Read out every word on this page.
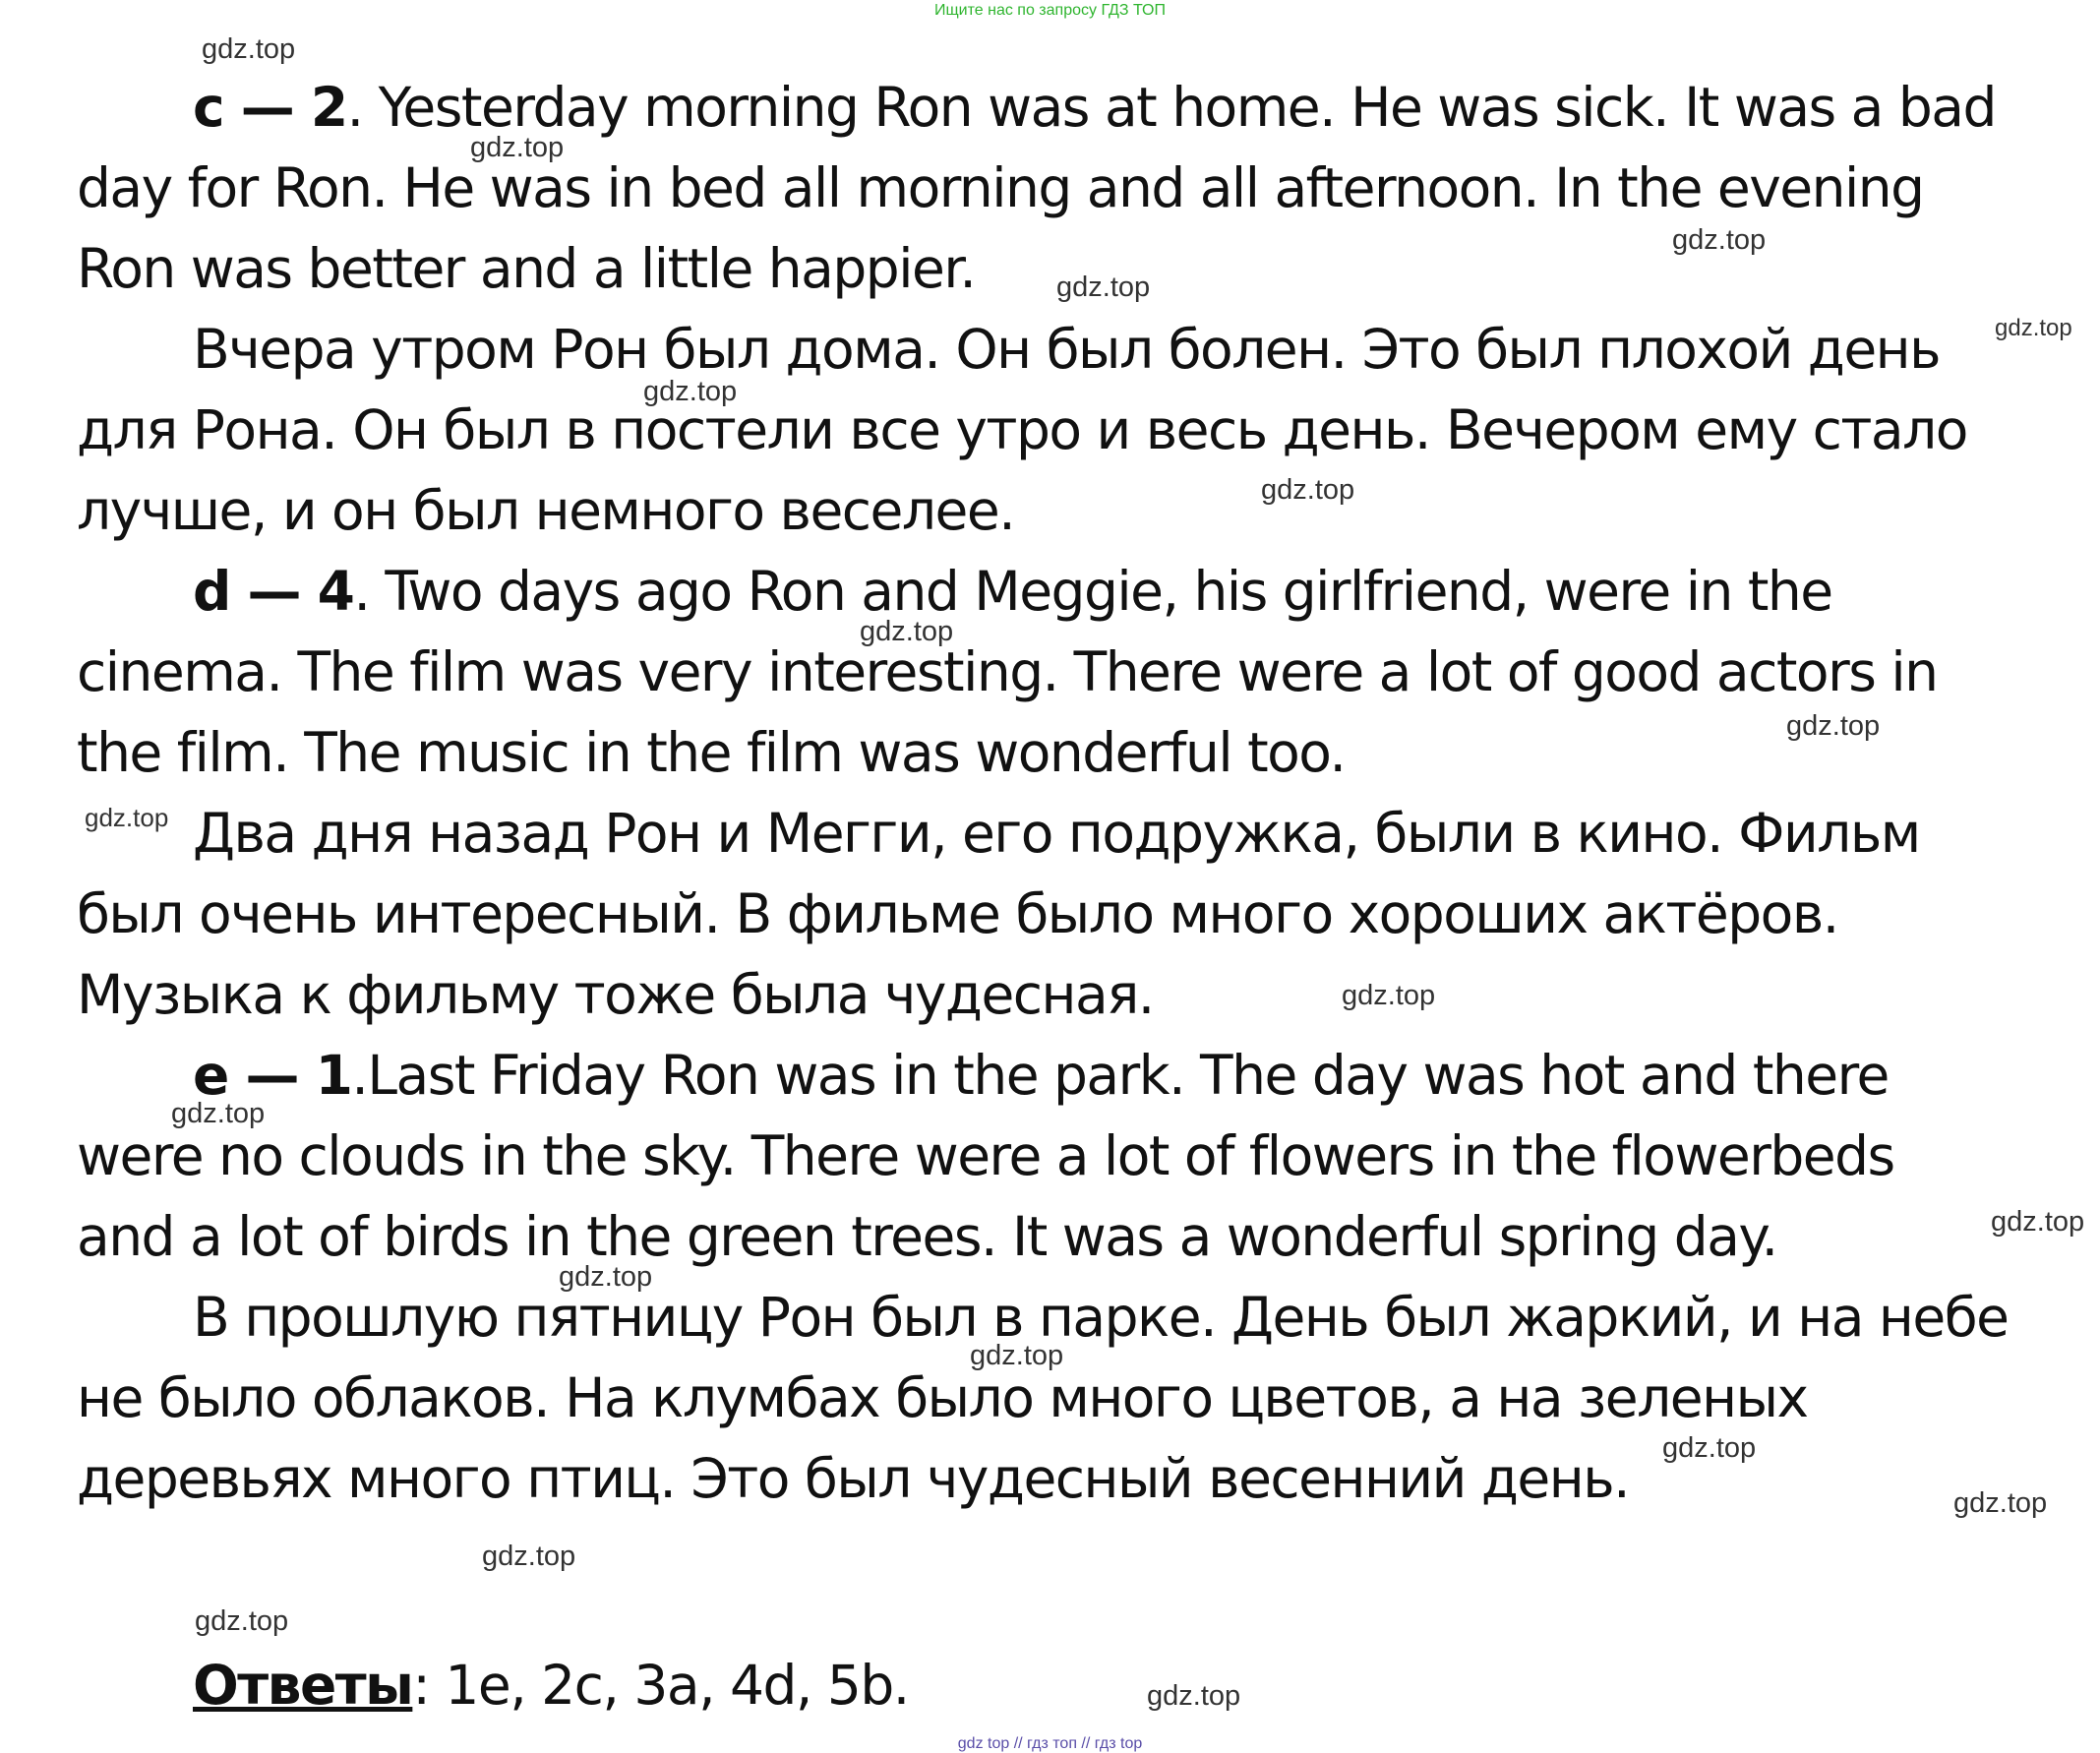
Ищите нас по запросу ГДЗ ТОП
c — 2. Yesterday morning Ron was at home. He was sick. It was a bad
day for Ron. He was in bed all morning and all afternoon. In the evening
Ron was better and a little happier.
Вчера утром Рон был дома. Он был болен. Это был плохой день
для Рона. Он был в постели все утро и весь день. Вечером ему стало
лучше, и он был немного веселее.
d — 4. Two days ago Ron and Meggie, his girlfriend, were in the
cinema. The film was very interesting. There were a lot of good actors in
the film. The music in the film was wonderful too.
Два дня назад Рон и Мегги, его подружка, были в кино. Фильм
был очень интересный. В фильме было много хороших актёров.
Музыка к фильму тоже была чудесная.
e — 1.Last Friday Ron was in the park. The day was hot and there
were no clouds in the sky. There were a lot of flowers in the flowerbeds
and a lot of birds in the green trees. It was a wonderful spring day.
В прошлую пятницу Рон был в парке. День был жаркий, и на небе
не было облаков. На клумбах было много цветов, а на зеленых
деревьях много птиц. Это был чудесный весенний день.
Ответы: 1e, 2c, 3a, 4d, 5b.
gdz.top
gdz.top
gdz.top
gdz.top
gdz.top
gdz.top
gdz.top
gdz.top
gdz.top
gdz.top
gdz.top
gdz.top
gdz.top
gdz.top
gdz.top
gdz.top
gdz.top
gdz.top
gdz.top
gdz.top
gdz top // гдз топ // гдз top
